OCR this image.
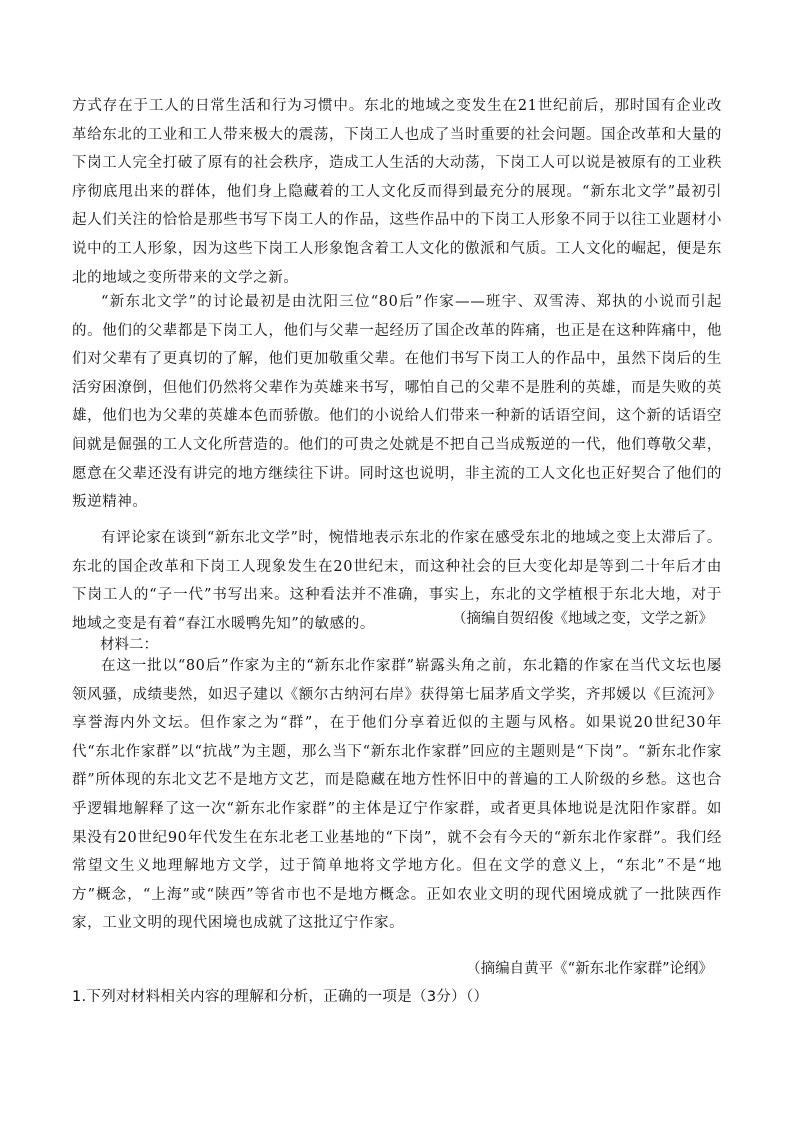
方式存在于工人的日常生活和行为习惯中。东北的地域之变发生在21世纪前后，那时国有企业改革给东北的工业和工人带来极大的震荡，下岗工人也成了当时重要的社会问题。国企改革和大量的下岗工人完全打破了原有的社会秩序，造成工人生活的大动荡，下岗工人可以说是被原有的工业秩序彻底甩出来的群体，他们身上隐藏着的工人文化反而得到最充分的展现。“新东北文学”最初引起人们关注的恰恰是那些书写下岗工人的作品，这些作品中的下岗工人形象不同于以往工业题材小说中的工人形象，因为这些下岗工人形象饱含着工人文化的傲派和气质。工人文化的崛起，便是东北的地域之变所带来的文学之新。

“新东北文学”的讨论最初是由沈阳三位“80后”作家——班宇、双雪涛、郑执的小说而引起的。他们的父辈都是下岗工人，他们与父辈一起经历了国企改革的阵痛，也正是在这种阵痛中，他们对父辈有了更真切的了解，他们更加敬重父辈。在他们书写下岗工人的作品中，虽然下岗后的生活穷困潦倒，但他们仍然将父辈作为英雄来书写，哪怕自己的父辈不是胜利的英雄，而是失败的英雄，他们也为父辈的英雄本色而骄傲。他们的小说给人们带来一种新的话语空间，这个新的话语空间就是倔强的工人文化所营造的。他们的可贵之处就是不把自己当成叛逆的一代，他们尊敬父辈，愿意在父辈还没有讲完的地方继续往下讲。同时这也说明，非主流的工人文化也正好契合了他们的叛逆精神。

有评论家在谈到“新东北文学”时，惋惜地表示东北的作家在感受东北的地域之变上太滞后了。东北的国企改革和下岗工人现象发生在20世纪末，而这种社会的巨大变化却是等到二十年后才由下岗工人的“子一代”书写出来。这种看法并不准确，事实上，东北的文学植根于东北大地，对于地域之变是有着“春江水暖鸭先知”的敏感的。	（摘编自贺绍俊《地域之变，文学之新》

材料二：

在这一批以“80后”作家为主的“新东北作家群”崭露头角之前，东北籍的作家在当代文坛也屡领风骚，成绩斐然，如迟子建以《额尔古纳河右岸》获得第七届茅盾文学奖，齐邦媛以《巨流河》享誉海内外文坛。但作家之为“群”，在于他们分享着近似的主题与风格。如果说20世纪30年代“东北作家群”以“抗战”为主题，那么当下“新东北作家群”回应的主题则是“下岗”。“新东北作家群”所体现的东北文艺不是地方文艺，而是隐藏在地方性怀旧中的普遍的工人阶级的乡愁。这也合乎逻辑地解释了这一次“新东北作家群”的主体是辽宁作家群，或者更具体地说是沈阳作家群。如果没有20世纪90年代发生在东北老工业基地的“下岗”，就不会有今天的“新东北作家群”。我们经常望文生义地理解地方文学，过于简单地将文学地方化。但在文学的意义上，“东北”不是“地方”概念，“上海”或“陕西”等省市也不是地方概念。正如农业文明的现代困境成就了一批陕西作家，工业文明的现代困境也成就了这批辽宁作家。

（摘编自黄平《“新东北作家群”论纲》

1.下列对材料相关内容的理解和分析，正确的一项是（3分）（）
